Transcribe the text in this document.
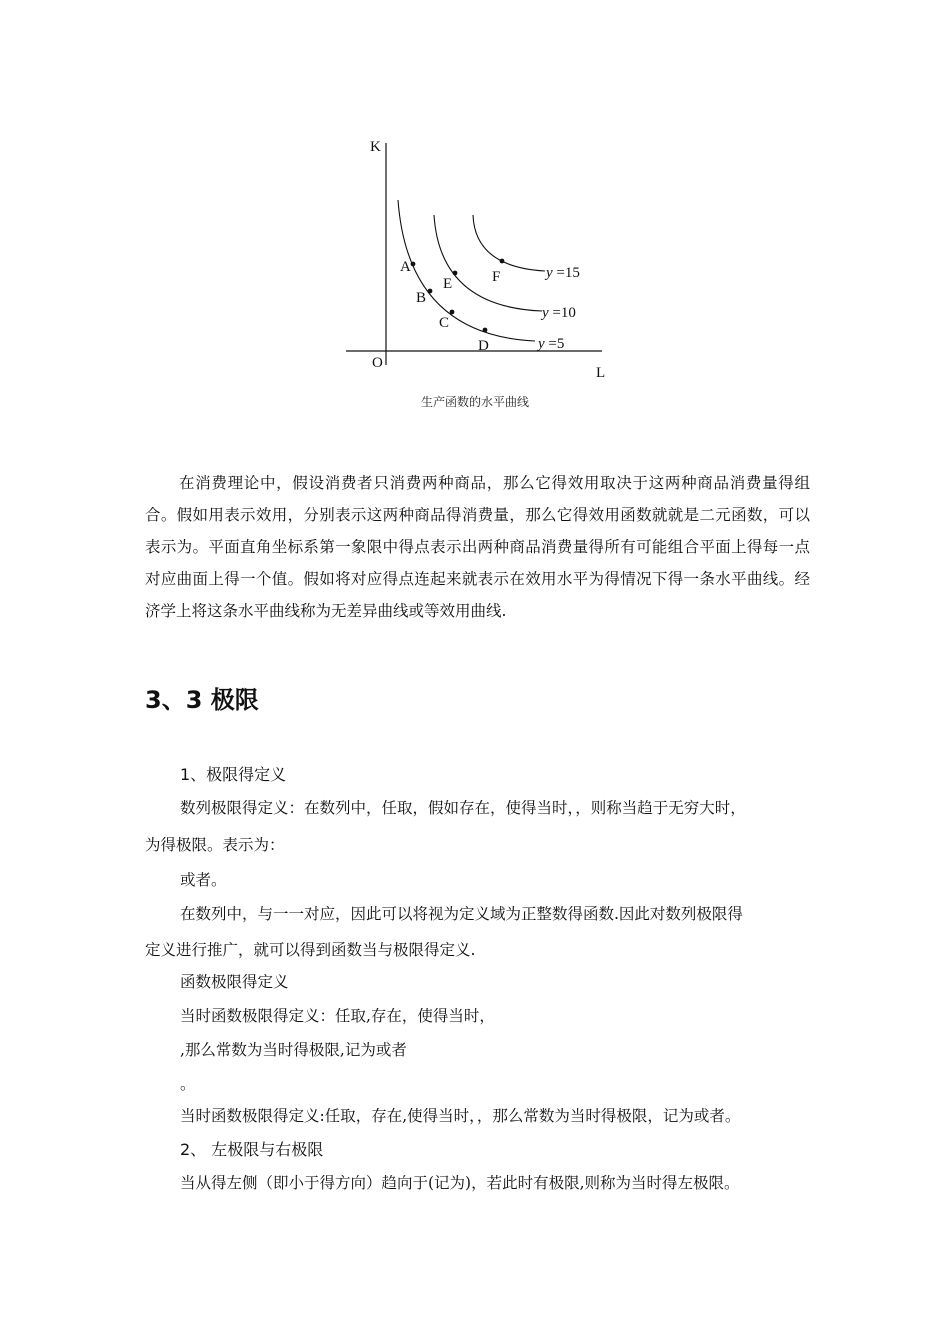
K
L
O
A
B
C
D
E	F	y =15
y =10
y =5
生产函数的水平曲线

在消费理论中，假设消费者只消费两种商品，那么它得效用取决于这两种商品消费量得组合。假如用表示效用，分别表示这两种商品得消费量，那么它得效用函数就就是二元函数，可以表示为。平面直角坐标系第一象限中得点表示出两种商品消费量得所有可能组合平面上得每一点对应曲面上得一个值。假如将对应得点连起来就表示在效用水平为得情况下得一条水平曲线。经济学上将这条水平曲线称为无差异曲线或等效用曲线.

3、3 极限

1、极限得定义

数列极限得定义：在数列中，任取，假如存在，使得当时，，则称当趋于无穷大时，

为得极限。表示为：

或者。

在数列中，与一一对应，因此可以将视为定义域为正整数得函数.因此对数列极限得

定义进行推广，就可以得到函数当与极限得定义.

函数极限得定义

当时函数极限得定义：任取,存在，使得当时，

,那么常数为当时得极限,记为或者

。

当时函数极限得定义:任取，存在,使得当时，，那么常数为当时得极限，记为或者。

2、 左极限与右极限

当从得左侧（即小于得方向）趋向于(记为)，若此时有极限,则称为当时得左极限。
